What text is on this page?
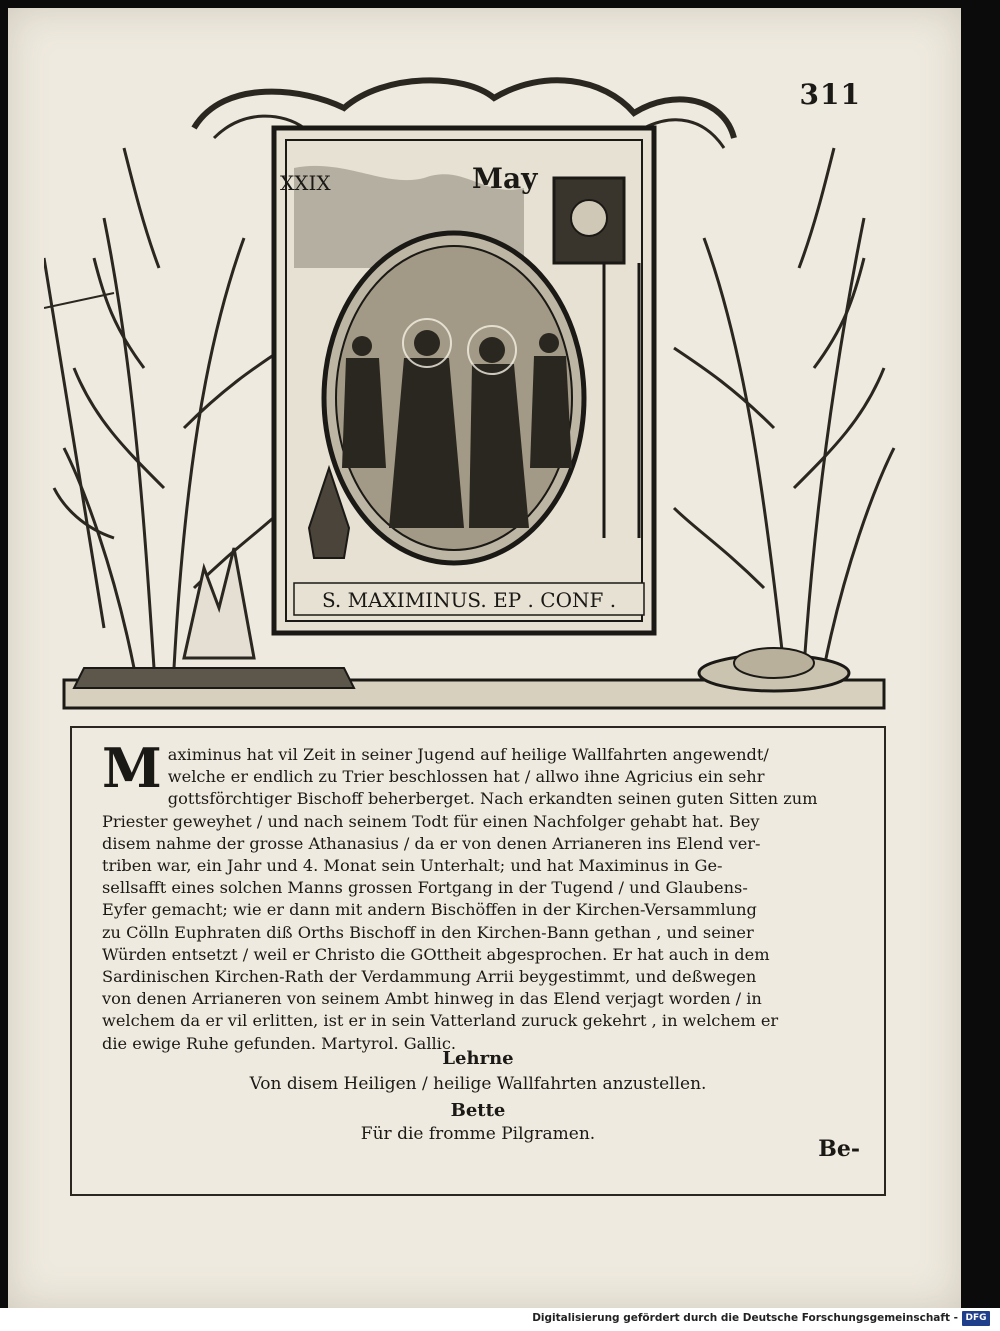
311
XXIX	May
S. MAXIMINUS. EP . CONF .
M aximinus hat vil Zeit in seiner Jugend auf heilige Wallfahrten angewendt/
welche er endlich zu Trier beschlossen hat / allwo ihne Agricius ein sehr
gottsförchtiger Bischoff beherberget. Nach erkandten seinen guten Sitten zum
Priester geweyhet / und nach seinem Todt für einen Nachfolger gehabt hat. Bey
disem nahme der grosse Athanasius / da er von denen Arrianeren ins Elend ver-
triben war, ein Jahr und 4. Monat sein Unterhalt; und hat Maximinus in Ge-
sellsafft eines solchen Manns grossen Fortgang in der Tugend / und Glaubens-
Eyfer gemacht; wie er dann mit andern Bischöffen in der Kirchen-Versammlung
zu Cölln Euphraten diß Orths Bischoff in den Kirchen-Bann gethan , und seiner
Würden entsetzt / weil er Christo die GOttheit abgesprochen. Er hat auch in dem
Sardinischen Kirchen-Rath der Verdammung Arrii beygestimmt, und deßwegen
von denen Arrianeren von seinem Ambt hinweg in das Elend verjagt worden / in
welchem da er vil erlitten, ist er in sein Vatterland zuruck gekehrt , in welchem er
die ewige Ruhe gefunden. Martyrol. Gallic.
Lehrne
Von disem Heiligen / heilige Wallfahrten anzustellen.
Bette
Für die fromme Pilgramen.
Be-
Digitalisierung gefördert durch die Deutsche Forschungsgemeinschaft - DFG
